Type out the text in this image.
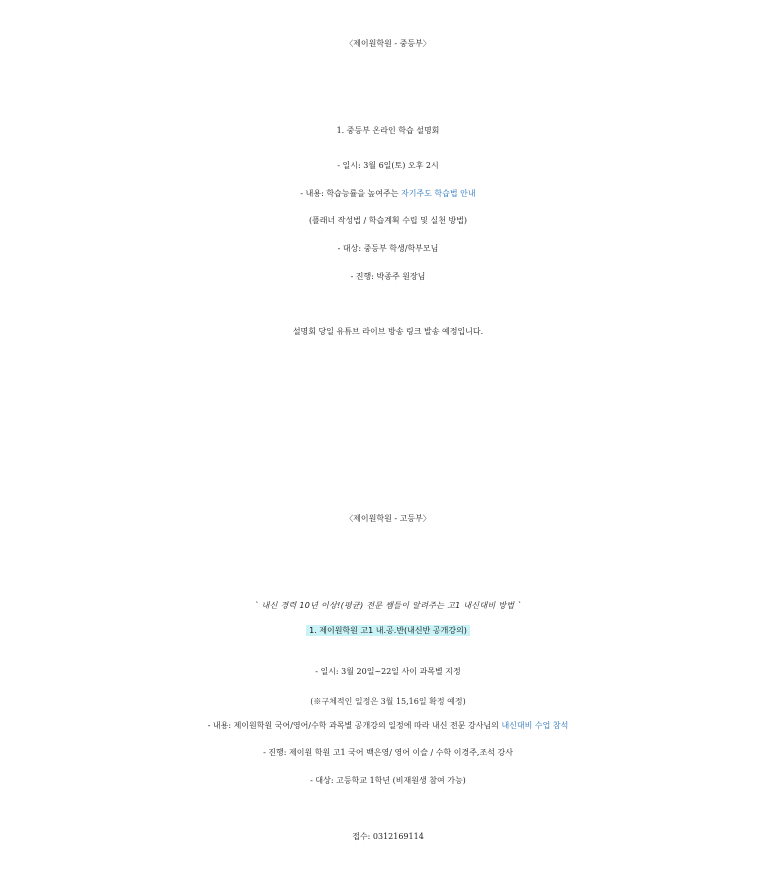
〈제이원학원 - 중등부〉
1. 중등부 온라인 학습 설명회
- 일시: 3월 6일(토) 오후 2시
- 내용: 학습능률을 높여주는 자기주도 학습법 안내
(플래너 작성법 / 학습계획 수립 및 실천 방법)
- 대상: 중등부 학생/학부모님
- 진행: 박종주 원장님
설명회 당일 유튜브 라이브 방송 링크 발송 예정입니다.
〈제이원학원 - 고등부〉
` 내신 경력 10년 이상!(평균) 전문 쌤들이 알려주는 고1 내신대비 방법 `
1. 제이원학원 고1 내.공.반(내신반 공개강의)
- 일시: 3월 20일~22일 사이 과목별 지정
(※구체적인 일정은 3월 15,16일 확정 예정)
- 내용: 제이원학원 국어/영어/수학 과목별 공개강의 일정에 따라 내신 전문 강사님의 내신대비 수업 참석
- 진행: 제이원 학원 고1 국어 백은영/ 영어 이슬 / 수학 이경주,조석 강사
- 대상: 고등학교 1학년 (비재원생 참여 가능)
접수: 0312169114
